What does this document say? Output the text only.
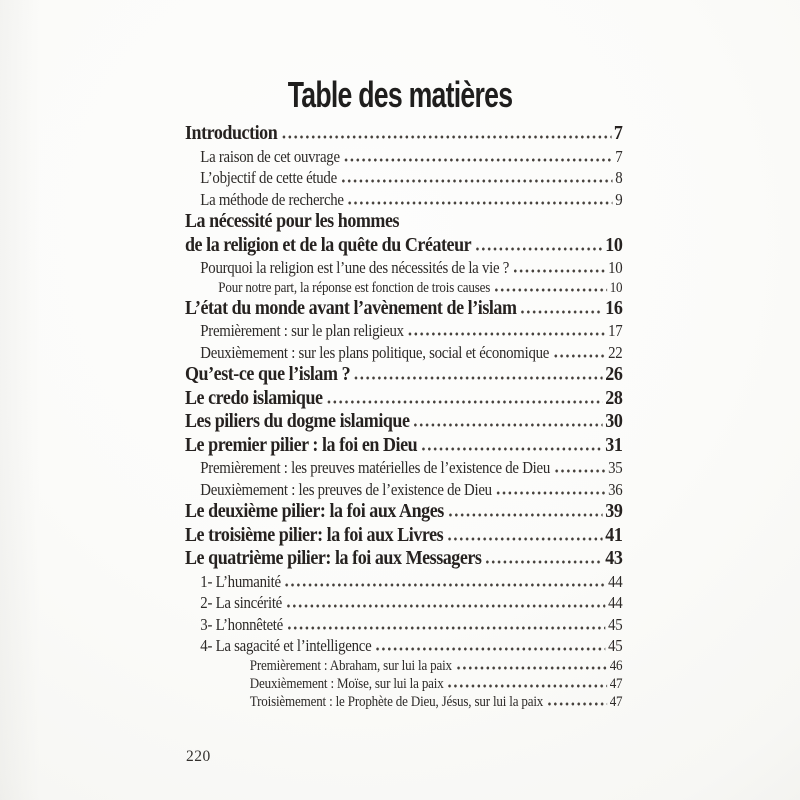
Table des matières
Introduction	7
La raison de cet ouvrage	7
L’objectif de cette étude	8
La méthode de recherche	9
La nécessité pour les hommes
de la religion et de la quête du Créateur	10
Pourquoi la religion est l’une des nécessités de la vie ?	10
Pour notre part, la réponse est fonction de trois causes	10
L’état du monde avant l’avènement de l’islam	16
Premièrement : sur le plan religieux	17
Deuxièmement : sur les plans politique, social et économique	22
Qu’est-ce que l’islam ?	26
Le credo islamique	28
Les piliers du dogme islamique	30
Le premier pilier : la foi en Dieu	31
Premièrement : les preuves matérielles de l’existence de Dieu	35
Deuxièmement : les preuves de l’existence de Dieu	36
Le deuxième pilier: la foi aux Anges	39
Le troisième pilier: la foi aux Livres	41
Le quatrième pilier: la foi aux Messagers	43
1- L’humanité	44
2- La sincérité	44
3- L’honnêteté	45
4- La sagacité et l’intelligence	45
Premièrement : Abraham, sur lui la paix	46
Deuxièmement : Moïse, sur lui la paix	47
Troisièmement : le Prophète de Dieu, Jésus, sur lui la paix	47
220
